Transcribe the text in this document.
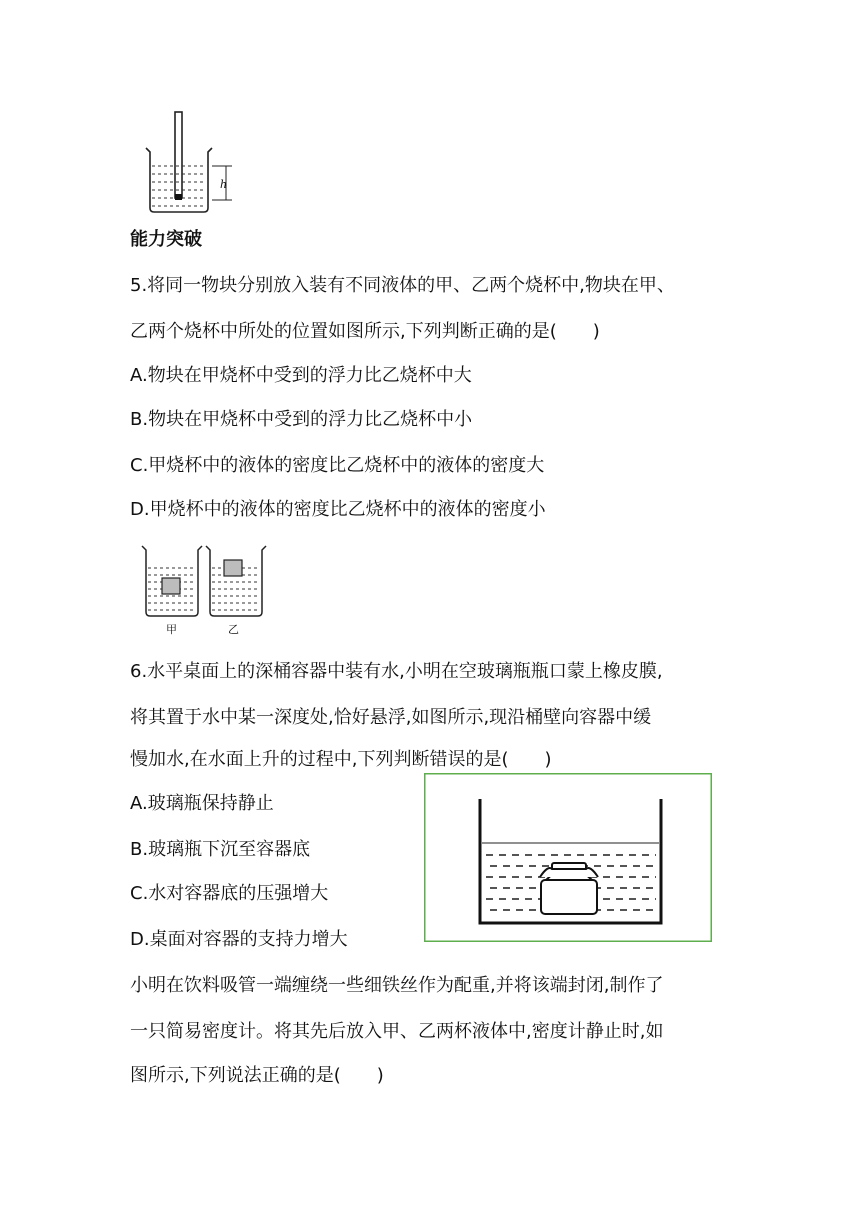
h
能力突破
5.将同一物块分别放入装有不同液体的甲、乙两个烧杯中,物块在甲、
乙两个烧杯中所处的位置如图所示,下列判断正确的是(　　)
A.物块在甲烧杯中受到的浮力比乙烧杯中大
B.物块在甲烧杯中受到的浮力比乙烧杯中小
C.甲烧杯中的液体的密度比乙烧杯中的液体的密度大
D.甲烧杯中的液体的密度比乙烧杯中的液体的密度小
甲	乙
6.水平桌面上的深桶容器中装有水,小明在空玻璃瓶瓶口蒙上橡皮膜,
将其置于水中某一深度处,恰好悬浮,如图所示,现沿桶壁向容器中缓
慢加水,在水面上升的过程中,下列判断错误的是(　　)
A.玻璃瓶保持静止
B.玻璃瓶下沉至容器底
C.水对容器底的压强增大
D.桌面对容器的支持力增大
小明在饮料吸管一端缠绕一些细铁丝作为配重,并将该端封闭,制作了
一只简易密度计。将其先后放入甲、乙两杯液体中,密度计静止时,如
图所示,下列说法正确的是(　　)
